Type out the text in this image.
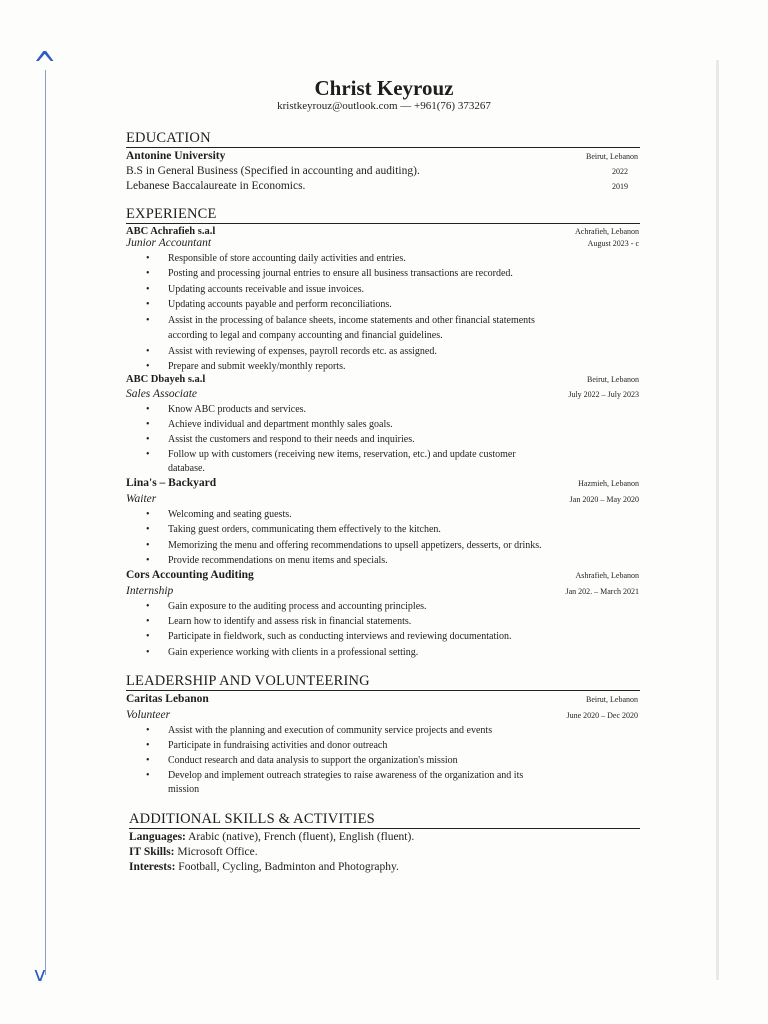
^
v
Christ Keyrouz
kristkeyrouz@outlook.com — +961(76) 373267
EDUCATION
Antonine University	Beirut, Lebanon
B.S in General Business (Specified in accounting and auditing).	2022
Lebanese Baccalaureate in Economics.	2019
EXPERIENCE
ABC Achrafieh s.a.l	Achrafieh, Lebanon
Junior Accountant	August 2023 - c
• Responsible of store accounting daily activities and entries.
• Posting and processing journal entries to ensure all business transactions are recorded.
• Updating accounts receivable and issue invoices.
• Updating accounts payable and perform reconciliations.
• Assist in the processing of balance sheets, income statements and other financial statements
according to legal and company accounting and financial guidelines.
• Assist with reviewing of expenses, payroll records etc. as assigned.
• Prepare and submit weekly/monthly reports.
ABC Dbayeh s.a.l	Beirut, Lebanon
Sales Associate	July 2022 – July 2023
• Know ABC products and services.
• Achieve individual and department monthly sales goals.
• Assist the customers and respond to their needs and inquiries.
• Follow up with customers (receiving new items, reservation, etc.) and update customer
database.
Lina's – Backyard	Hazmieh, Lebanon
Waiter	Jan 2020 – May 2020
• Welcoming and seating guests.
• Taking guest orders, communicating them effectively to the kitchen.
• Memorizing the menu and offering recommendations to upsell appetizers, desserts, or drinks.
• Provide recommendations on menu items and specials.
Cors Accounting Auditing	Ashrafieh, Lebanon
Internship	Jan 202. – March 2021
• Gain exposure to the auditing process and accounting principles.
• Learn how to identify and assess risk in financial statements.
• Participate in fieldwork, such as conducting interviews and reviewing documentation.
• Gain experience working with clients in a professional setting.
LEADERSHIP AND VOLUNTEERING
Caritas Lebanon	Beirut, Lebanon
Volunteer	June 2020 – Dec 2020
• Assist with the planning and execution of community service projects and events
• Participate in fundraising activities and donor outreach
• Conduct research and data analysis to support the organization's mission
• Develop and implement outreach strategies to raise awareness of the organization and its
mission
ADDITIONAL SKILLS & ACTIVITIES
Languages: Arabic (native), French (fluent), English (fluent).
IT Skills: Microsoft Office.
Interests: Football, Cycling, Badminton and Photography.
